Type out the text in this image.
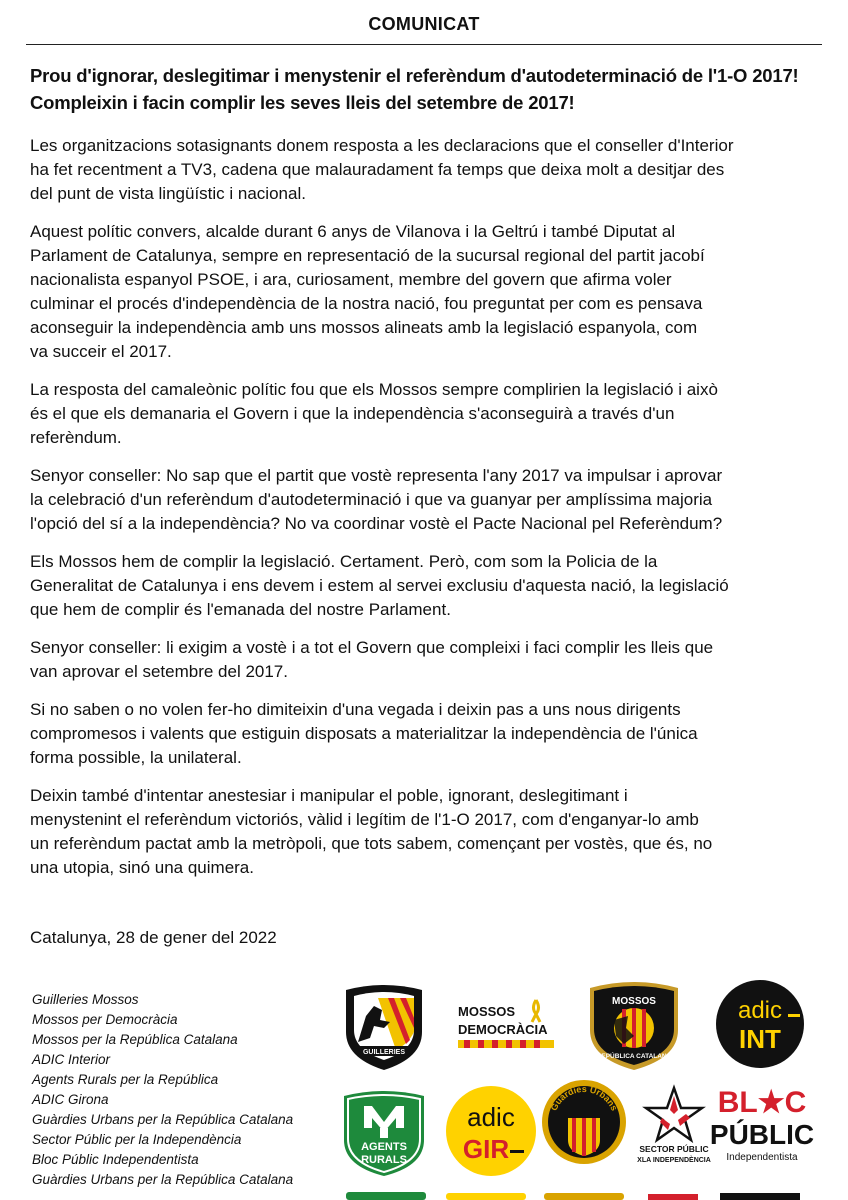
COMUNICAT
Prou d'ignorar, deslegitimar i menystenir el referèndum d'autodeterminació de l'1-O 2017!
Compleixin i facin complir les seves lleis del setembre de 2017!

Les organitzacions sotasignants donem resposta a les declaracions que el conseller d'Interior
ha fet recentment a TV3, cadena que malauradament fa temps que deixa molt a desitjar des
del punt de vista lingüístic i nacional.

Aquest polític convers, alcalde durant 6 anys de Vilanova i la Geltrú i també Diputat al
Parlament de Catalunya, sempre en representació de la sucursal regional del partit jacobí
nacionalista espanyol PSOE, i ara, curiosament, membre del govern que afirma voler
culminar el procés d'independència de la nostra nació, fou preguntat per com es pensava
aconseguir la independència amb uns mossos alineats amb la legislació espanyola, com
va succeir el 2017.

La resposta del camaleònic polític fou que els Mossos sempre complirien la legislació i això
és el que els demanaria el Govern i que la independència s'aconseguirà a través d'un
referèndum.

Senyor conseller: No sap que el partit que vostè representa l'any 2017 va impulsar i aprovar
la celebració d'un referèndum d'autodeterminació i que va guanyar per amplíssima majoria
l'opció del sí a la independència? No va coordinar vostè el Pacte Nacional pel Referèndum?

Els Mossos hem de complir la legislació. Certament. Però, com som la Policia de la
Generalitat de Catalunya i ens devem i estem al servei exclusiu d'aquesta nació, la legislació
que hem de complir és l'emanada del nostre Parlament.

Senyor conseller: li exigim a vostè i a tot el Govern que compleixi i faci complir les lleis que
van aprovar el setembre del 2017.

Si no saben o no volen fer-ho dimiteixin d'una vegada i deixin pas a uns nous dirigents
compromesos i valents que estiguin disposats a materialitzar la independència de l'única
forma possible, la unilateral.

Deixin també d'intentar anestesiar i manipular el poble, ignorant, deslegitimant i
menystenint el referèndum victoriós, vàlid i legítim de l'1-O 2017, com d'enganyar-lo amb
un referèndum pactat amb la metròpoli, que tots sabem, començant per vostès, que és, no
una utopia, sinó una quimera.

Catalunya, 28 de gener del 2022
Guilleries Mossos
Mossos per Democràcia
Mossos per la República Catalana
ADIC Interior
Agents Rurals per la República
ADIC Girona
Guàrdies Urbans per la República Catalana
Sector Públic per la Independència
Bloc Públic Independentista
Guàrdies Urbans per la República Catalana
GUILLERIES
MOSSOS
DEMOCRÀCIA
MOSSOS
REPÚBLICA CATALANA
adic
INT
AGENTS
RURALS
adic
GIR
Guàrdies Urbans
SECTOR PÚBLIC
XLA INDEPENDÈNCIA
BL★C
PÚBLIC
Independentista
